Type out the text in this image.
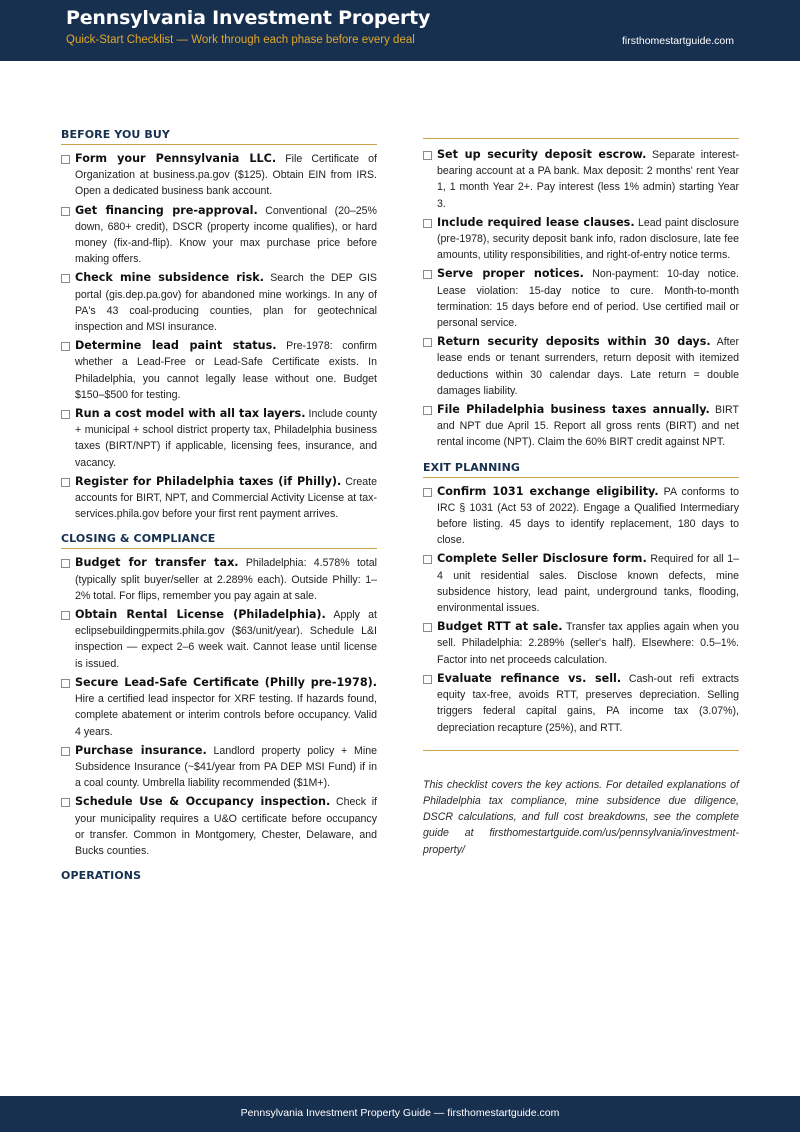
Pennsylvania Investment Property
Quick-Start Checklist — Work through each phase before every deal	firsthomestartguide.com
BEFORE YOU BUY
Form your Pennsylvania LLC. File Certificate of Organization at business.pa.gov ($125). Obtain EIN from IRS. Open a dedicated business bank account.
Get financing pre-approval. Conventional (20–25% down, 680+ credit), DSCR (property income qualifies), or hard money (fix-and-flip). Know your max purchase price before making offers.
Check mine subsidence risk. Search the DEP GIS portal (gis.dep.pa.gov) for abandoned mine workings. In any of PA's 43 coal-producing counties, plan for geotechnical inspection and MSI insurance.
Determine lead paint status. Pre-1978: confirm whether a Lead-Free or Lead-Safe Certificate exists. In Philadelphia, you cannot legally lease without one. Budget $150–$500 for testing.
Run a cost model with all tax layers. Include county + municipal + school district property tax, Philadelphia business taxes (BIRT/NPT) if applicable, licensing fees, insurance, and vacancy.
Register for Philadelphia taxes (if Philly). Create accounts for BIRT, NPT, and Commercial Activity License at tax-services.phila.gov before your first rent payment arrives.
CLOSING & COMPLIANCE
Budget for transfer tax. Philadelphia: 4.578% total (typically split buyer/seller at 2.289% each). Outside Philly: 1–2% total. For flips, remember you pay again at sale.
Obtain Rental License (Philadelphia). Apply at eclipsebuildingpermits.phila.gov ($63/unit/year). Schedule L&I inspection — expect 2–6 week wait. Cannot lease until license is issued.
Secure Lead-Safe Certificate (Philly pre-1978). Hire a certified lead inspector for XRF testing. If hazards found, complete abatement or interim controls before occupancy. Valid 4 years.
Purchase insurance. Landlord property policy + Mine Subsidence Insurance (~$41/year from PA DEP MSI Fund) if in a coal county. Umbrella liability recommended ($1M+).
Schedule Use & Occupancy inspection. Check if your municipality requires a U&O certificate before occupancy or transfer. Common in Montgomery, Chester, Delaware, and Bucks counties.
OPERATIONS
Set up security deposit escrow. Separate interest-bearing account at a PA bank. Max deposit: 2 months' rent Year 1, 1 month Year 2+. Pay interest (less 1% admin) starting Year 3.
Include required lease clauses. Lead paint disclosure (pre-1978), security deposit bank info, radon disclosure, late fee amounts, utility responsibilities, and right-of-entry notice terms.
Serve proper notices. Non-payment: 10-day notice. Lease violation: 15-day notice to cure. Month-to-month termination: 15 days before end of period. Use certified mail or personal service.
Return security deposits within 30 days. After lease ends or tenant surrenders, return deposit with itemized deductions within 30 calendar days. Late return = double damages liability.
File Philadelphia business taxes annually. BIRT and NPT due April 15. Report all gross rents (BIRT) and net rental income (NPT). Claim the 60% BIRT credit against NPT.
EXIT PLANNING
Confirm 1031 exchange eligibility. PA conforms to IRC § 1031 (Act 53 of 2022). Engage a Qualified Intermediary before listing. 45 days to identify replacement, 180 days to close.
Complete Seller Disclosure form. Required for all 1–4 unit residential sales. Disclose known defects, mine subsidence history, lead paint, underground tanks, flooding, environmental issues.
Budget RTT at sale. Transfer tax applies again when you sell. Philadelphia: 2.289% (seller's half). Elsewhere: 0.5–1%. Factor into net proceeds calculation.
Evaluate refinance vs. sell. Cash-out refi extracts equity tax-free, avoids RTT, preserves depreciation. Selling triggers federal capital gains, PA income tax (3.07%), depreciation recapture (25%), and RTT.
This checklist covers the key actions. For detailed explanations of Philadelphia tax compliance, mine subsidence due diligence, DSCR calculations, and full cost breakdowns, see the complete guide at firsthomestartguide.com/us/pennsylvania/investment-property/
Pennsylvania Investment Property Guide — firsthomestartguide.com
